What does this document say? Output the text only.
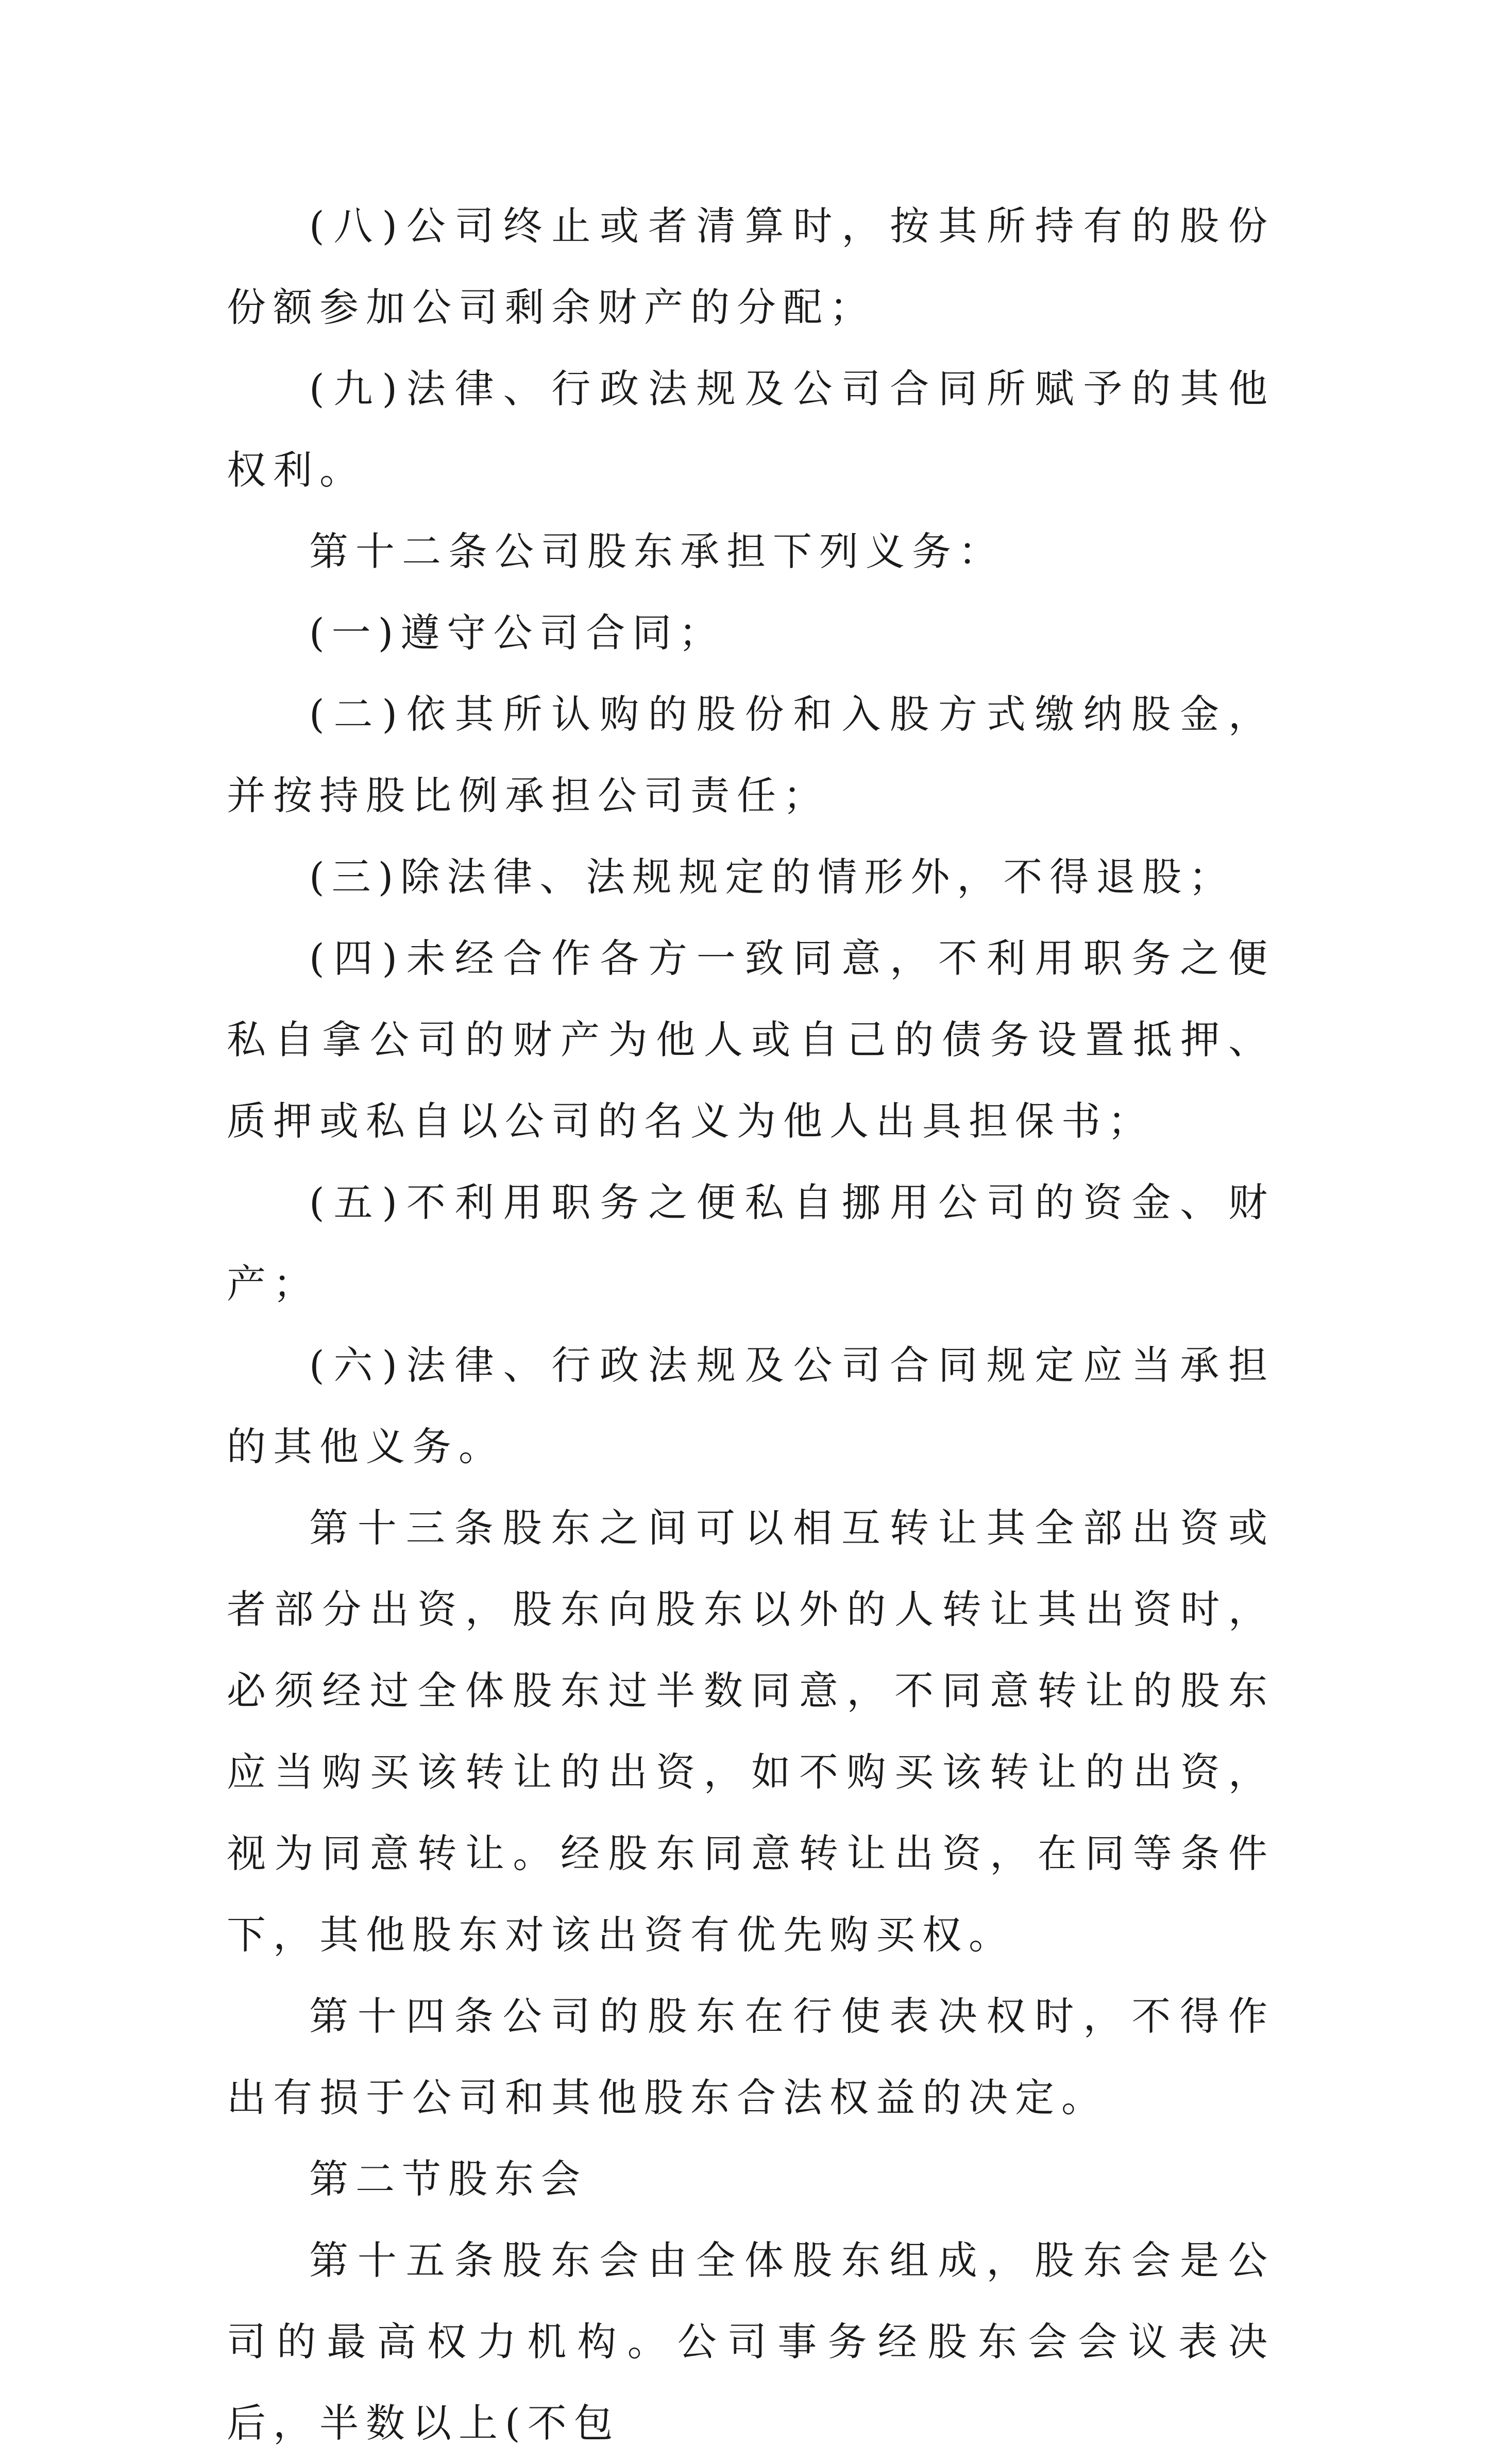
(八)公司终止或者清算时，按其所持有的股份份额参加公司剩余财产的分配；

(九)法律、行政法规及公司合同所赋予的其他权利。

第十二条公司股东承担下列义务：

(一)遵守公司合同；

(二)依其所认购的股份和入股方式缴纳股金，并按持股比例承担公司责任；

(三)除法律、法规规定的情形外，不得退股；

(四)未经合作各方一致同意，不利用职务之便私自拿公司的财产为他人或自己的债务设置抵押、质押或私自以公司的名义为他人出具担保书；

(五)不利用职务之便私自挪用公司的资金、财产；

(六)法律、行政法规及公司合同规定应当承担的其他义务。

第十三条股东之间可以相互转让其全部出资或者部分出资，股东向股东以外的人转让其出资时，必须经过全体股东过半数同意，不同意转让的股东应当购买该转让的出资，如不购买该转让的出资，视为同意转让。经股东同意转让出资，在同等条件下，其他股东对该出资有优先购买权。

第十四条公司的股东在行使表决权时，不得作出有损于公司和其他股东合法权益的决定。

第二节股东会

第十五条股东会由全体股东组成，股东会是公司的最高权力机构。公司事务经股东会会议表决后，半数以上(不包
